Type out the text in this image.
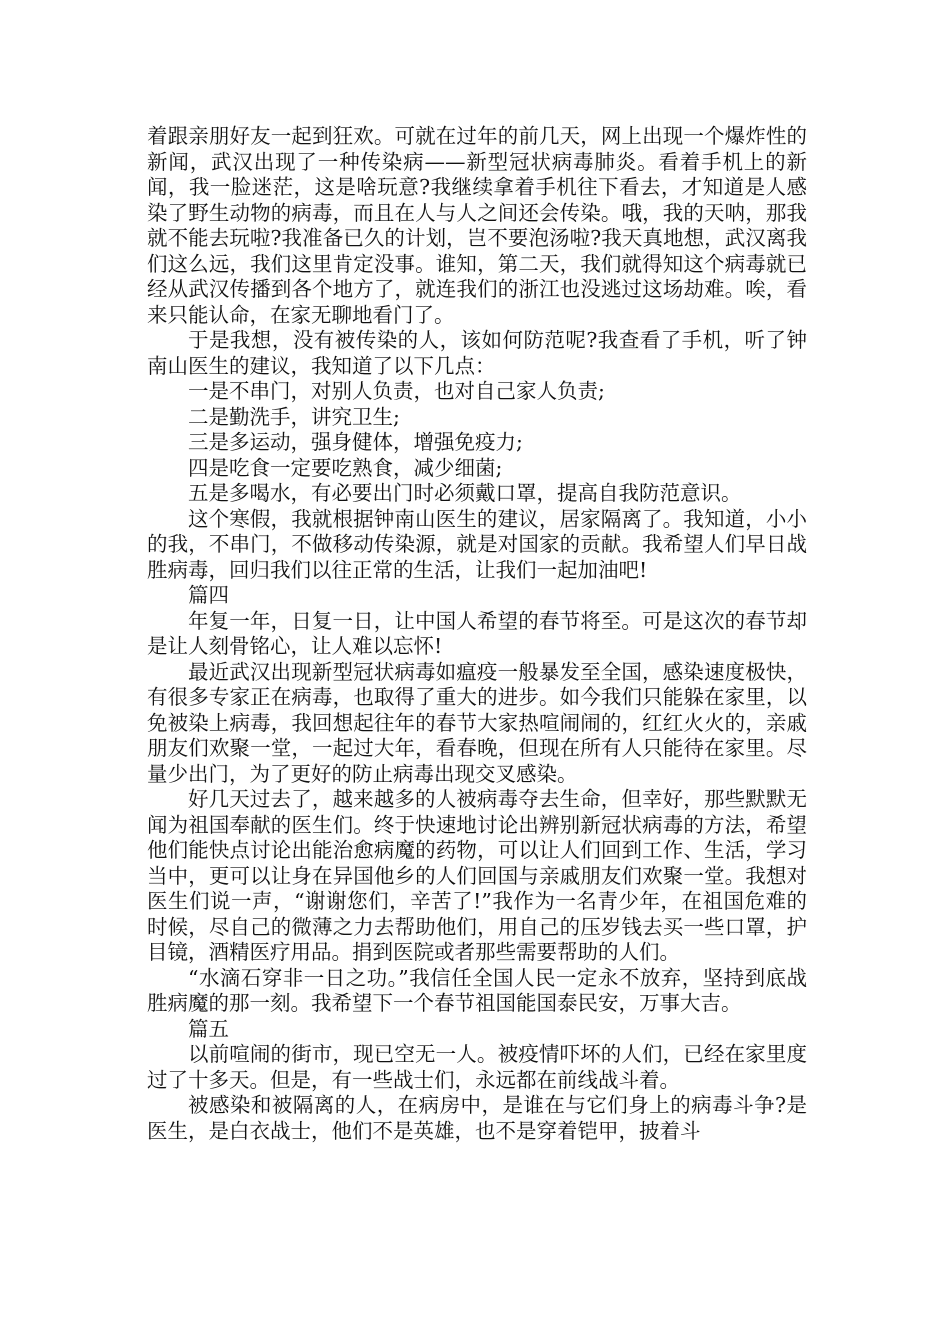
着跟亲朋好友一起到狂欢。可就在过年的前几天，网上出现一个爆炸性的新闻，武汉出现了一种传染病——新型冠状病毒肺炎。看着手机上的新闻，我一脸迷茫，这是啥玩意?我继续拿着手机往下看去，才知道是人感染了野生动物的病毒，而且在人与人之间还会传染。哦，我的天呐，那我就不能去玩啦?我准备已久的计划，岂不要泡汤啦?我天真地想，武汉离我们这么远，我们这里肯定没事。谁知，第二天，我们就得知这个病毒就已经从武汉传播到各个地方了，就连我们的浙江也没逃过这场劫难。唉，看来只能认命，在家无聊地看门了。

于是我想，没有被传染的人，该如何防范呢?我查看了手机，听了钟南山医生的建议，我知道了以下几点：

一是不串门，对别人负责，也对自己家人负责;

二是勤洗手，讲究卫生;

三是多运动，强身健体，增强免疫力;

四是吃食一定要吃熟食，减少细菌;

五是多喝水，有必要出门时必须戴口罩，提高自我防范意识。

这个寒假，我就根据钟南山医生的建议，居家隔离了。我知道，小小的我，不串门，不做移动传染源，就是对国家的贡献。我希望人们早日战胜病毒，回归我们以往正常的生活，让我们一起加油吧!

篇四

年复一年，日复一日，让中国人希望的春节将至。可是这次的春节却是让人刻骨铭心，让人难以忘怀!

最近武汉出现新型冠状病毒如瘟疫一般暴发至全国，感染速度极快，有很多专家正在病毒，也取得了重大的进步。如今我们只能躲在家里，以免被染上病毒，我回想起往年的春节大家热喧闹闹的，红红火火的，亲戚朋友们欢聚一堂，一起过大年，看春晚，但现在所有人只能待在家里。尽量少出门，为了更好的防止病毒出现交叉感染。

好几天过去了，越来越多的人被病毒夺去生命，但幸好，那些默默无闻为祖国奉献的医生们。终于快速地讨论出辨别新冠状病毒的方法，希望他们能快点讨论出能治愈病魔的药物，可以让人们回到工作、生活，学习当中，更可以让身在异国他乡的人们回国与亲戚朋友们欢聚一堂。我想对医生们说一声，“谢谢您们，辛苦了!”我作为一名青少年，在祖国危难的时候，尽自己的微薄之力去帮助他们，用自己的压岁钱去买一些口罩，护目镜，酒精医疗用品。捐到医院或者那些需要帮助的人们。

“水滴石穿非一日之功。”我信任全国人民一定永不放弃，坚持到底战胜病魔的那一刻。我希望下一个春节祖国能国泰民安，万事大吉。

篇五

以前喧闹的街市，现已空无一人。被疫情吓坏的人们，已经在家里度过了十多天。但是，有一些战士们，永远都在前线战斗着。

被感染和被隔离的人，在病房中，是谁在与它们身上的病毒斗争?是医生，是白衣战士，他们不是英雄，也不是穿着铠甲，披着斗
